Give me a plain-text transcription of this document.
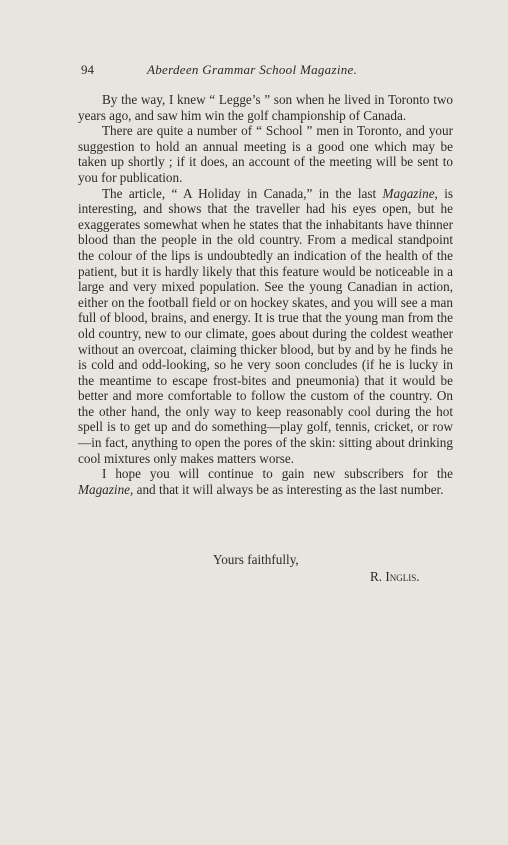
94	Aberdeen Grammar School Magazine.

By the way, I knew “ Legge’s ” son when he lived in Toronto two years ago, and saw him win the golf championship of Canada.

There are quite a number of “ School ” men in Toronto, and your suggestion to hold an annual meeting is a good one which may be taken up shortly ; if it does, an account of the meeting will be sent to you for publication.

The article, “ A Holiday in Canada,” in the last Magazine, is interesting, and shows that the traveller had his eyes open, but he exaggerates somewhat when he states that the inhabitants have thinner blood than the people in the old country. From a medical standpoint the colour of the lips is undoubtedly an indication of the health of the patient, but it is hardly likely that this feature would be noticeable in a large and very mixed population. See the young Canadian in action, either on the football field or on hockey skates, and you will see a man full of blood, brains, and energy. It is true that the young man from the old country, new to our climate, goes about during the coldest weather without an overcoat, claiming thicker blood, but by and by he finds he is cold and odd-looking, so he very soon concludes (if he is lucky in the meantime to escape frost-bites and pneumonia) that it would be better and more comfortable to follow the custom of the country. On the other hand, the only way to keep reasonably cool during the hot spell is to get up and do something—play golf, tennis, cricket, or row—in fact, anything to open the pores of the skin: sitting about drinking cool mixtures only makes matters worse.

I hope you will continue to gain new subscribers for the Magazine, and that it will always be as interesting as the last number.

Yours faithfully,
R. Inglis.
